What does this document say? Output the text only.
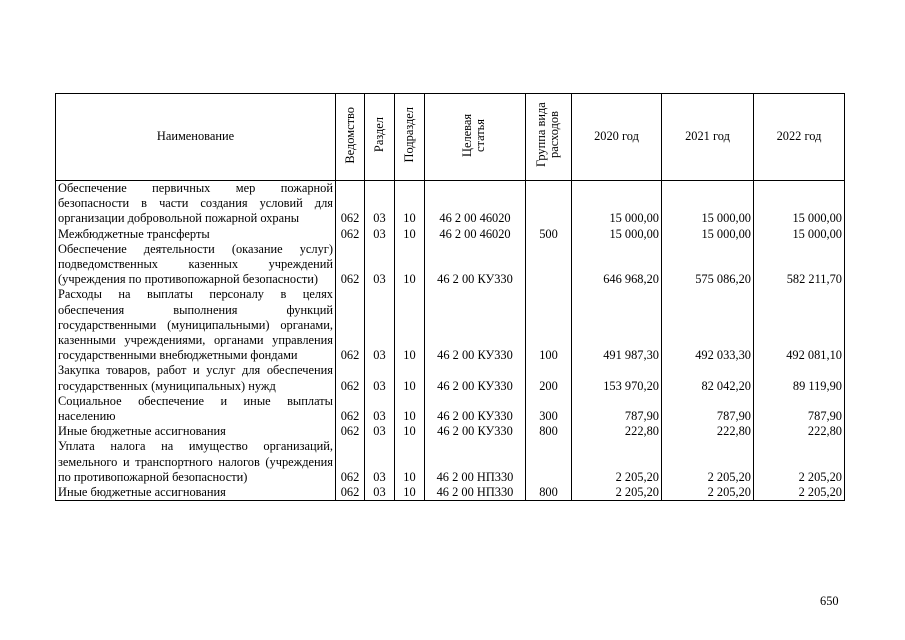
Наименование	Ведомство	Раздел	Подраздел	Целевая статья	Группа вида расходов	2020 год	2021 год	2022 год
Обеспечение первичных мер пожарной безопасности в части создания условий для организации добровольной пожарной охраны	062	03	10	46 2 00 46020		15 000,00	15 000,00	15 000,00
Межбюджетные трансферты	062	03	10	46 2 00 46020	500	15 000,00	15 000,00	15 000,00
Обеспечение деятельности (оказание услуг) подведомственных казенных учреждений (учреждения по противопожарной безопасности)	062	03	10	46 2 00 КУ330		646 968,20	575 086,20	582 211,70
Расходы на выплаты персоналу в целях обеспечения выполнения функций государственными (муниципальными) органами, казенными учреждениями, органами управления государственными внебюджетными фондами	062	03	10	46 2 00 КУ330	100	491 987,30	492 033,30	492 081,10
Закупка товаров, работ и услуг для обеспечения государственных (муниципальных) нужд	062	03	10	46 2 00 КУ330	200	153 970,20	82 042,20	89 119,90
Социальное обеспечение и иные выплаты населению	062	03	10	46 2 00 КУ330	300	787,90	787,90	787,90
Иные бюджетные ассигнования	062	03	10	46 2 00 КУ330	800	222,80	222,80	222,80
Уплата налога на имущество организаций, земельного и транспортного налогов (учреждения по противопожарной безопасности)	062	03	10	46 2 00 НП330		2 205,20	2 205,20	2 205,20
Иные бюджетные ассигнования	062	03	10	46 2 00 НП330	800	2 205,20	2 205,20	2 205,20
650
